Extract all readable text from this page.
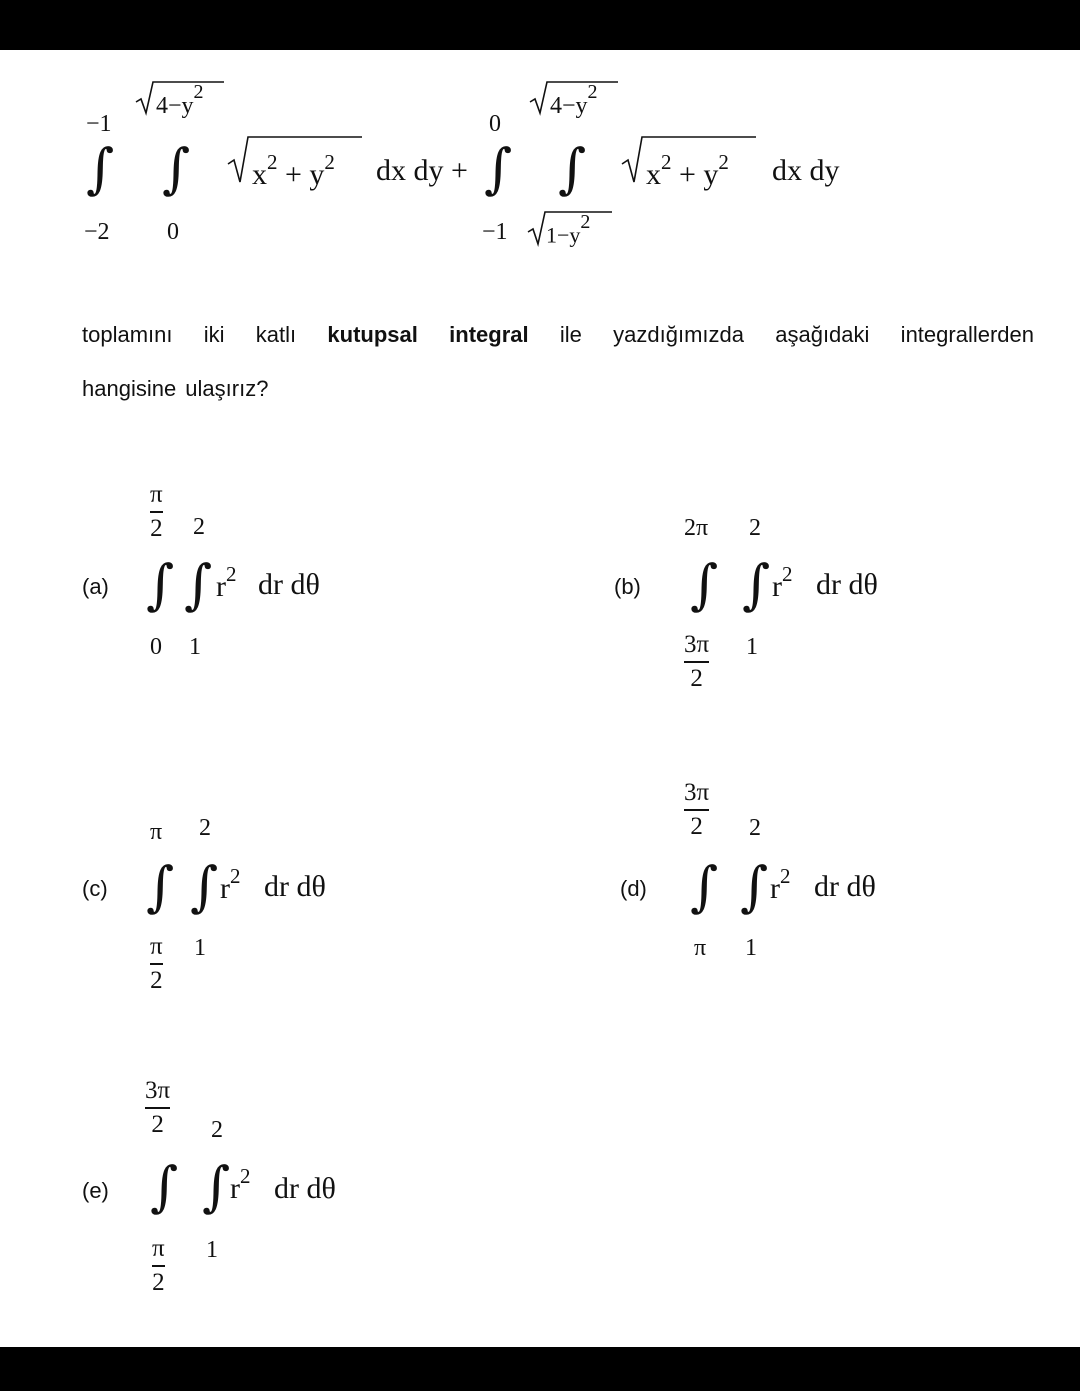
−1
∫
−2
$4-y^2$
∫
0
$x^2 + y^2$ dx dy +
0
∫
−1
$4-y^2$
∫
$1-y^2$
$x^2 + y^2$ dx dy
toplamını iki katlı kutupsal integral ile yazdığımızda aşağıdaki integrallerden
hangisine ulaşırız?
(a)
π
2
∫
0
2
∫
1
$r^2$ dr dθ	(b)
2π
∫
3π
2
2
∫
1
$r^2$ dr dθ
(c)
π
∫
π
2
2
∫
1
$r^2$ dr dθ	(d)
3π
2
∫
π
2
∫
1
$r^2$ dr dθ
(e)
3π
2
∫
π
2
2
∫
1
$r^2$ dr dθ
